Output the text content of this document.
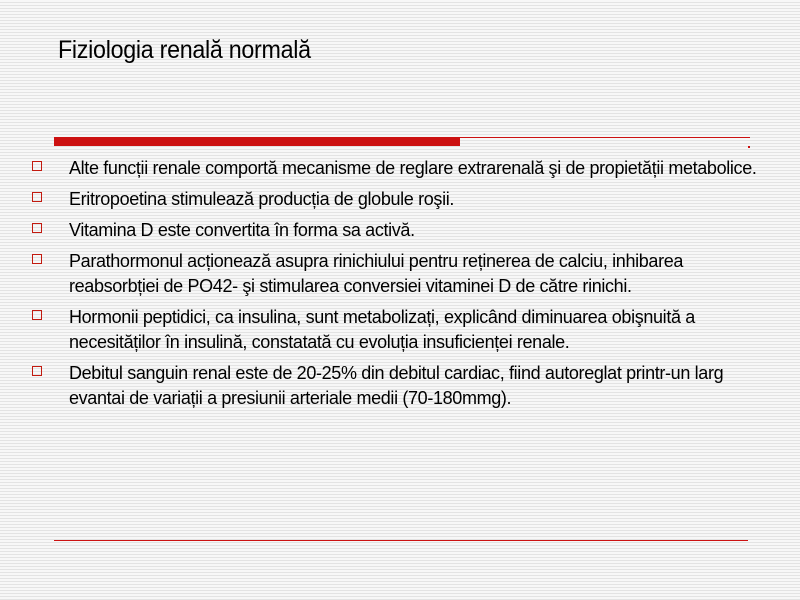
Fiziologia renală normală
Alte funcții renale comportă mecanisme de reglare extrarenală şi de propietății metabolice.
Eritropoetina stimulează producția de globule roşii.
Vitamina D este convertita în forma sa activă.
Parathormonul acționează asupra rinichiului pentru reținerea de calciu, inhibarea reabsorbției de PO42- şi stimularea conversiei vitaminei D de către rinichi.
Hormonii peptidici, ca insulina, sunt metabolizați, explicând diminuarea obişnuită a necesităților în insulină, constatată cu evoluția insuficienței renale.
Debitul sanguin renal este de 20-25% din debitul cardiac, fiind autoreglat printr-un larg evantai de variații a presiunii arteriale medii (70-180mmg).
